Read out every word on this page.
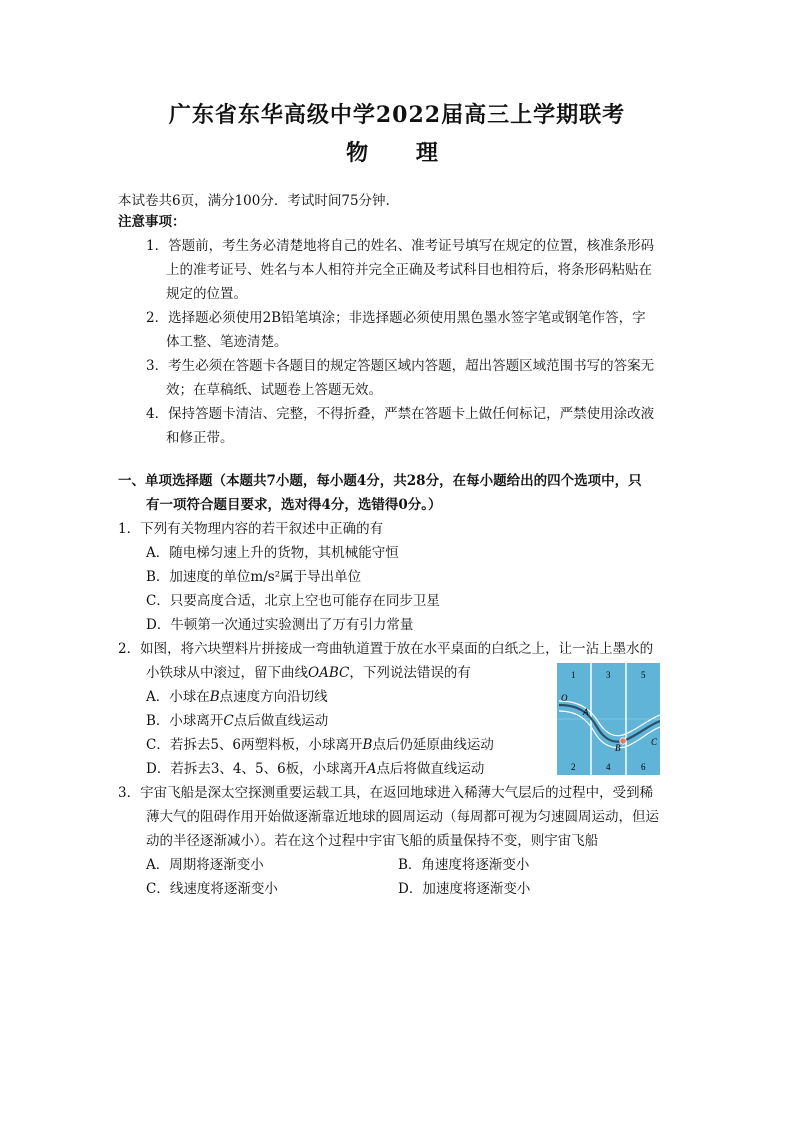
广东省东华高级中学2022届高三上学期联考
物 理
本试卷共6页，满分100分．考试时间75分钟.
注意事项：
1．答题前，考生务必清楚地将自己的姓名、准考证号填写在规定的位置，核准条形码
上的准考证号、姓名与本人相符并完全正确及考试科目也相符后，将条形码粘贴在
规定的位置。
2．选择题必须使用2B铅笔填涂；非选择题必须使用黑色墨水签字笔或钢笔作答，字
体工整、笔迹清楚。
3．考生必须在答题卡各题目的规定答题区域内答题，超出答题区域范围书写的答案无
效；在草稿纸、试题卷上答题无效。
4．保持答题卡清洁、完整，不得折叠，严禁在答题卡上做任何标记，严禁使用涂改液
和修正带。
一、单项选择题（本题共7小题，每小题4分，共28分，在每小题给出的四个选项中，只
有一项符合题目要求，选对得4分，选错得0分。）
1．下列有关物理内容的若干叙述中正确的有
A．随电梯匀速上升的货物，其机械能守恒
B．加速度的单位m/s²属于导出单位
C．只要高度合适，北京上空也可能存在同步卫星
D．牛顿第一次通过实验测出了万有引力常量
2．如图，将六块塑料片拼接成一弯曲轨道置于放在水平桌面的白纸之上，让一沾上墨水的
小铁球从中滚过，留下曲线OABC，下列说法错误的有
A．小球在B点速度方向沿切线
B．小球离开C点后做直线运动
C．若拆去5、6两塑料板，小球离开B点后仍延原曲线运动
D．若拆去3、4、5、6板，小球离开A点后将做直线运动
1	3	5
2	4	6
O
A
B
C
3．宇宙飞船是深太空探测重要运载工具，在返回地球进入稀薄大气层后的过程中，受到稀
薄大气的阻碍作用开始做逐渐靠近地球的圆周运动（每周都可视为匀速圆周运动，但运
动的半径逐渐减小）。若在这个过程中宇宙飞船的质量保持不变，则宇宙飞船
A．周期将逐渐变小	B．角速度将逐渐变小
C．线速度将逐渐变小	D．加速度将逐渐变小
